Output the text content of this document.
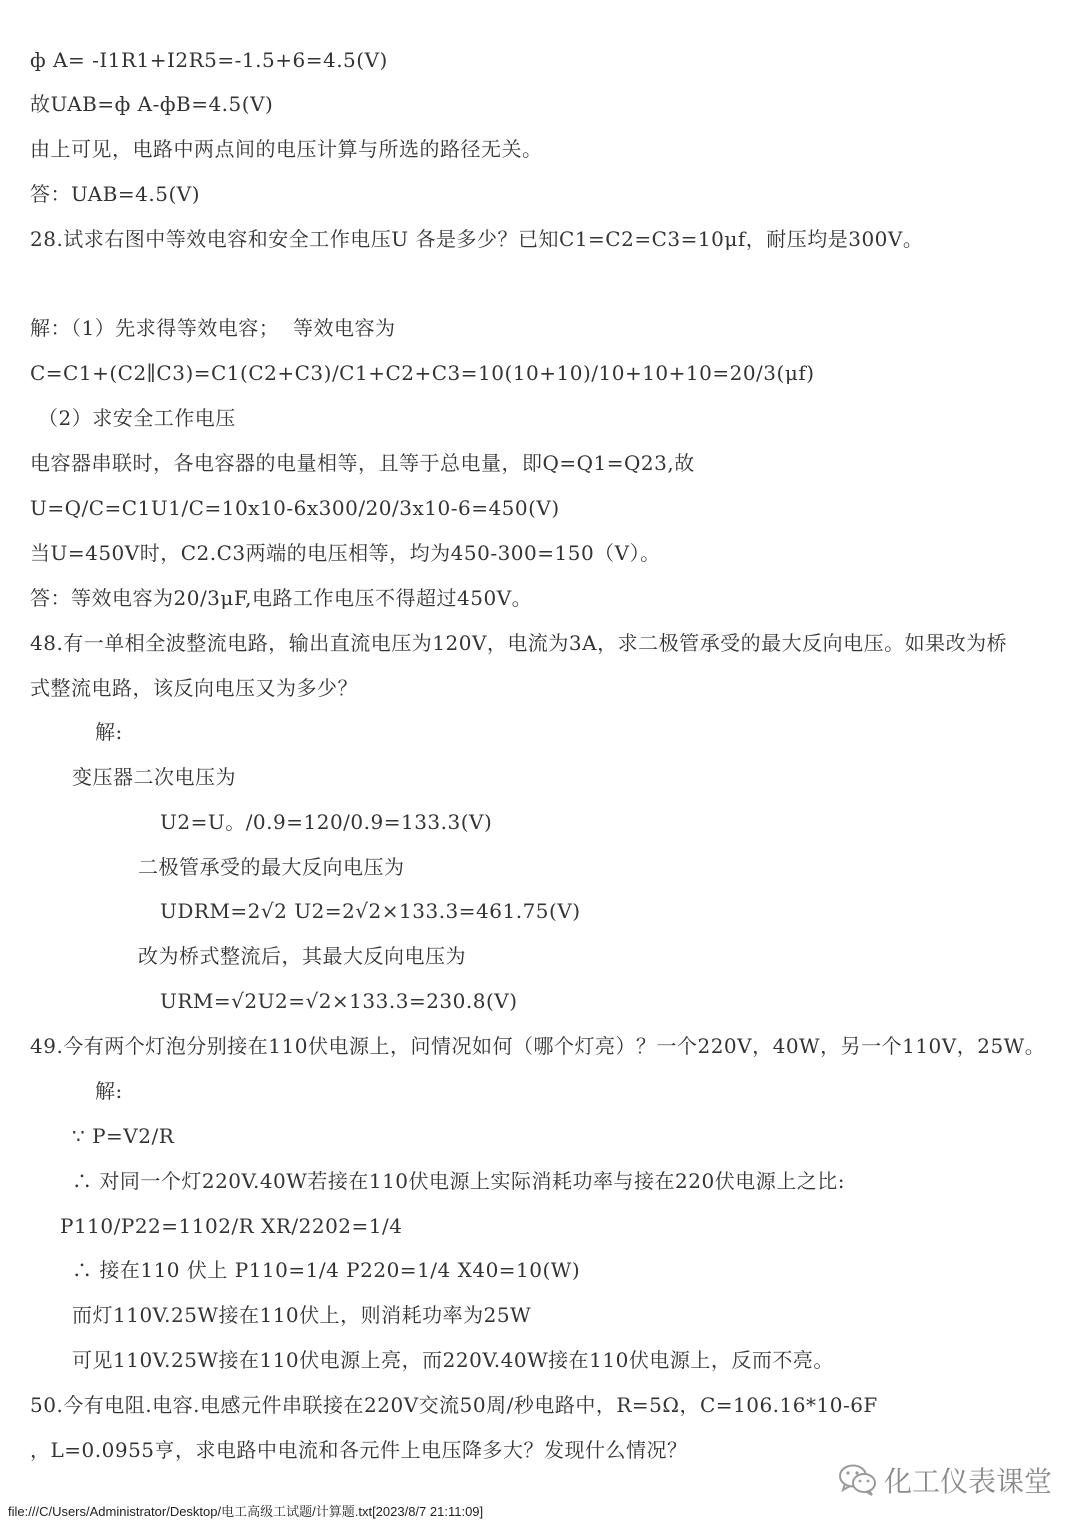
ф A= -I1R1+I2R5=-1.5+6=4.5(V)
故UAB=ф A-фB=4.5(V)
由上可见，电路中两点间的电压计算与所选的路径无关。
答：UAB=4.5(V)
28.试求右图中等效电容和安全工作电压U 各是多少？已知C1=C2=C3=10μf，耐压均是300V。
解：（1）先求得等效电容；  等效电容为
C=C1+(C2∥C3)=C1(C2+C3)/C1+C2+C3=10(10+10)/10+10+10=20/3(μf)
（2）求安全工作电压
电容器串联时，各电容器的电量相等，且等于总电量，即Q=Q1=Q23,故
U=Q/C=C1U1/C=10x10-6x300/20/3x10-6=450(V)
当U=450V时，C2.C3两端的电压相等，均为450-300=150（V）。
答：等效电容为20/3μF,电路工作电压不得超过450V。
48.有一单相全波整流电路，输出直流电压为120V，电流为3A，求二极管承受的最大反向电压。如果改为桥
式整流电路，该反向电压又为多少？
解:
变压器二次电压为
U2=U。/0.9=120/0.9=133.3(V)
二极管承受的最大反向电压为
UDRM=2√2 U2=2√2×133.3=461.75(V)
改为桥式整流后，其最大反向电压为
URM=√2U2=√2×133.3=230.8(V)
49.今有两个灯泡分别接在110伏电源上，问情况如何（哪个灯亮）？一个220V，40W，另一个110V，25W。
解:
∵ P=V2/R
∴ 对同一个灯220V.40W若接在110伏电源上实际消耗功率与接在220伏电源上之比:
P110/P22=1102/R XR/2202=1/4
∴ 接在110 伏上 P110=1/4 P220=1/4 X40=10(W)
而灯110V.25W接在110伏上，则消耗功率为25W
可见110V.25W接在110伏电源上亮，而220V.40W接在110伏电源上，反而不亮。
50.今有电阻.电容.电感元件串联接在220V交流50周/秒电路中，R=5Ω，C=106.16*10-6F
，L=0.0955亨，求电路中电流和各元件上电压降多大？发现什么情况？
化工仪表课堂
file:///C/Users/Administrator/Desktop/电工高级工试题/计算题.txt[2023/8/7 21:11:09]
